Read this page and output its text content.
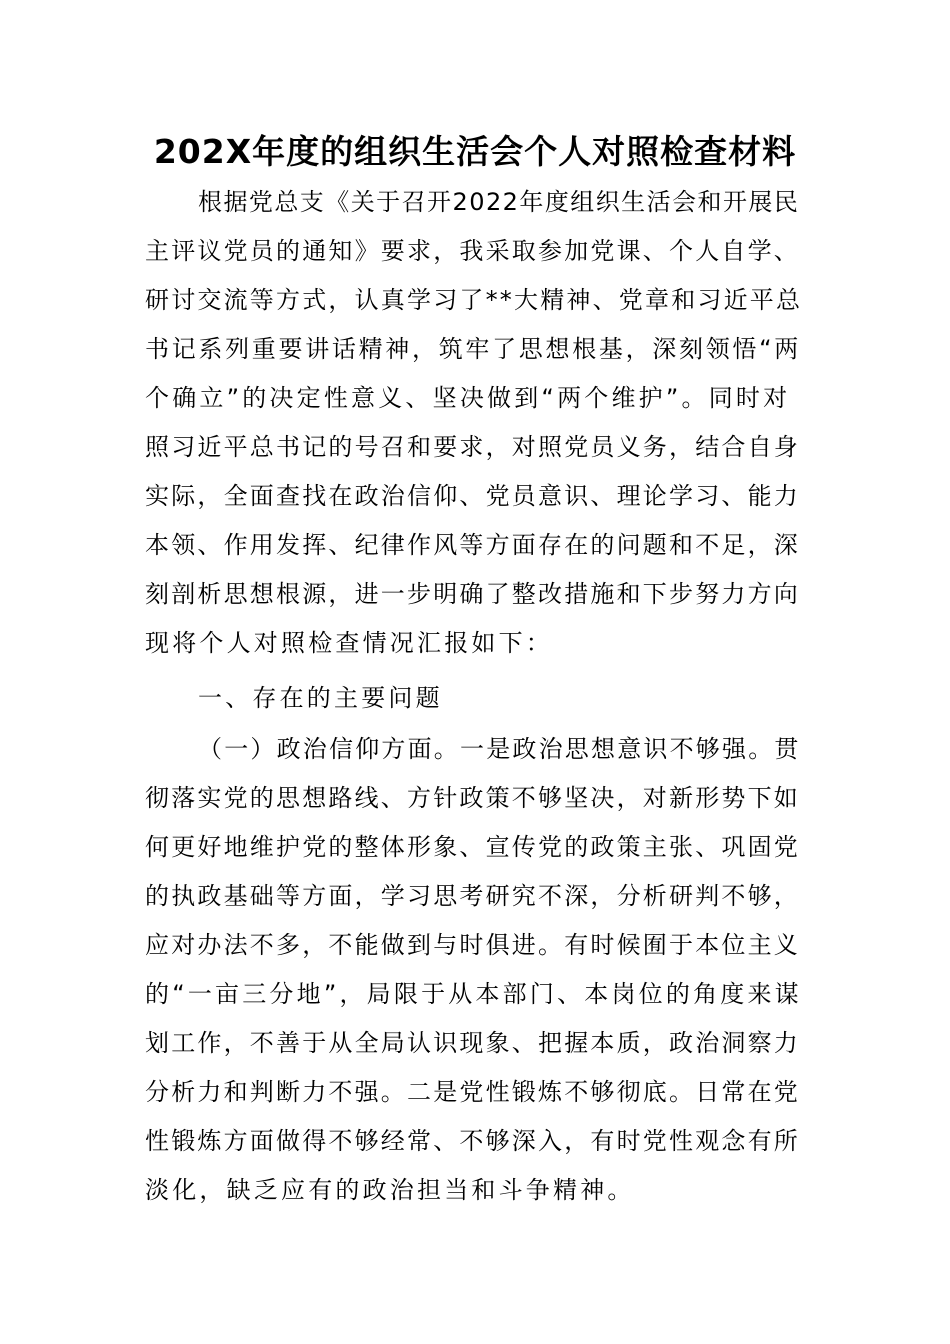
202X年度的组织生活会个人对照检查材料

根据党总支《关于召开2022年度组织生活会和开展民

主评议党员的通知》要求，我采取参加党课、个人自学、

研讨交流等方式，认真学习了**大精神、党章和习近平总

书记系列重要讲话精神，筑牢了思想根基，深刻领悟“两

个确立”的决定性意义、坚决做到“两个维护”。同时对

照习近平总书记的号召和要求，对照党员义务，结合自身

实际，全面查找在政治信仰、党员意识、理论学习、能力

本领、作用发挥、纪律作风等方面存在的问题和不足，深

刻剖析思想根源，进一步明确了整改措施和下步努力方向

现将个人对照检查情况汇报如下：

一、存在的主要问题

（一）政治信仰方面。一是政治思想意识不够强。贯

彻落实党的思想路线、方针政策不够坚决，对新形势下如

何更好地维护党的整体形象、宣传党的政策主张、巩固党

的执政基础等方面，学习思考研究不深，分析研判不够，

应对办法不多，不能做到与时俱进。有时候囿于本位主义

的“一亩三分地”，局限于从本部门、本岗位的角度来谋

划工作，不善于从全局认识现象、把握本质，政治洞察力

分析力和判断力不强。二是党性锻炼不够彻底。日常在党

性锻炼方面做得不够经常、不够深入，有时党性观念有所

淡化，缺乏应有的政治担当和斗争精神。
